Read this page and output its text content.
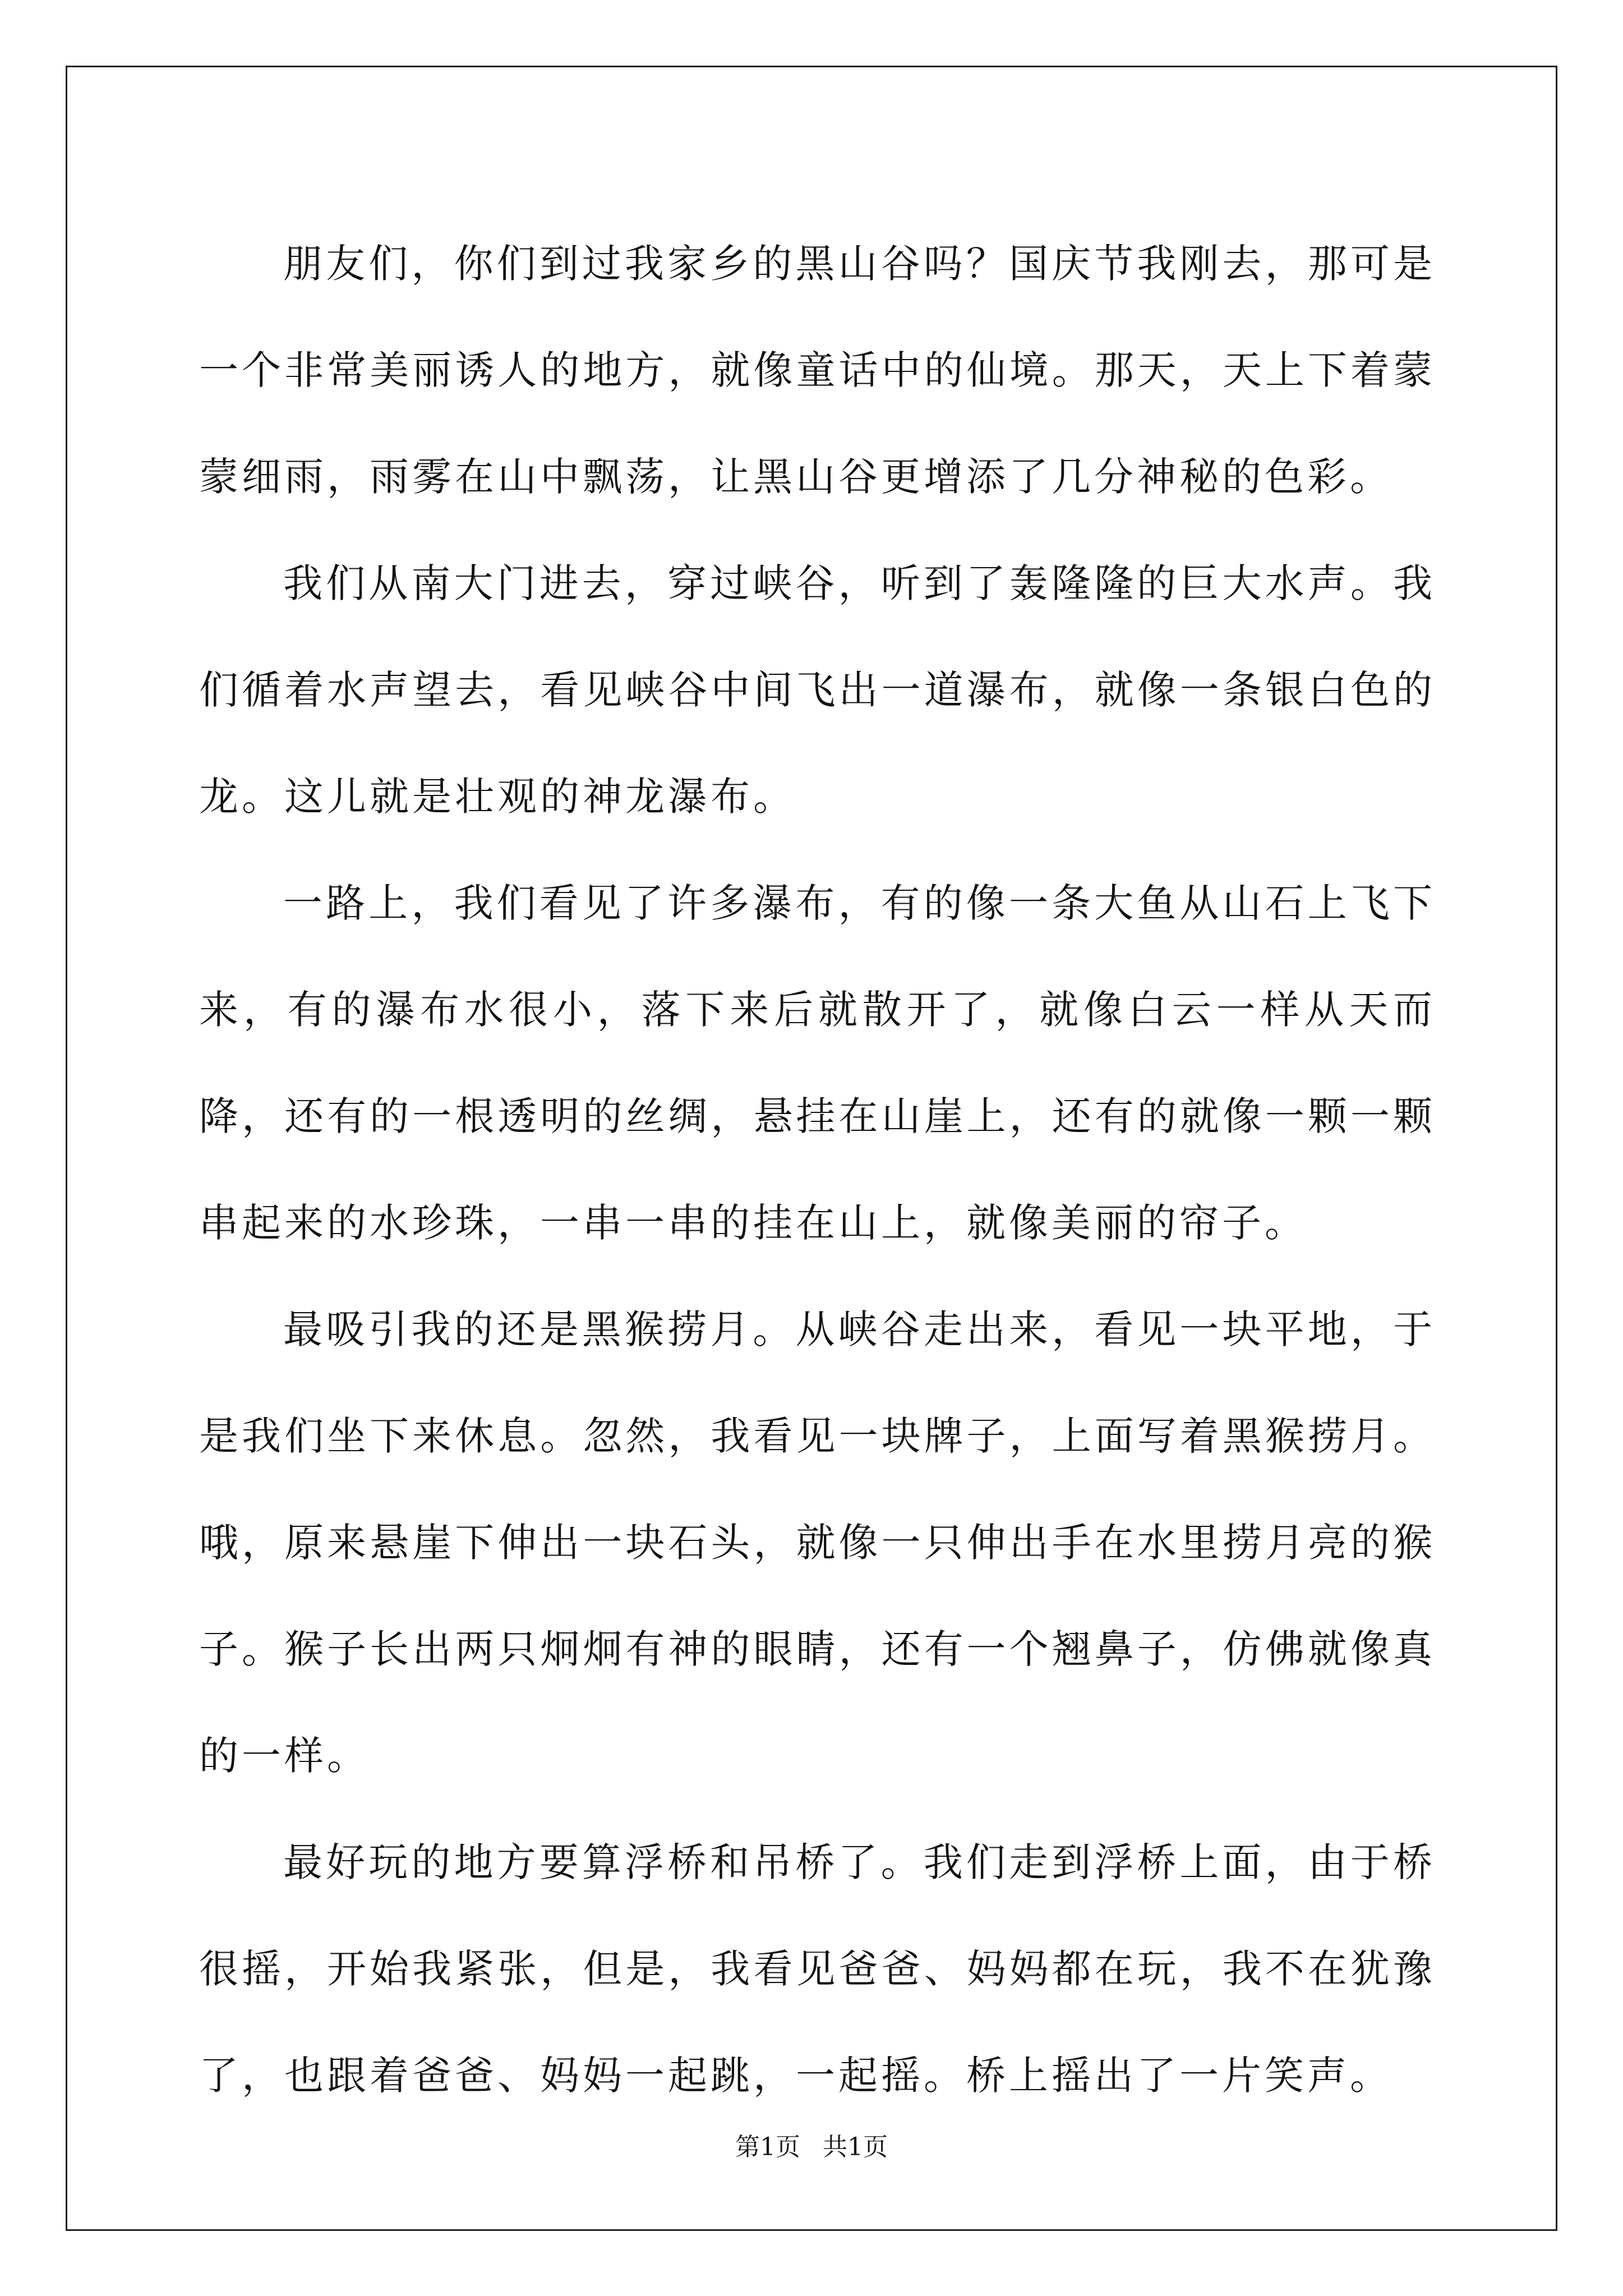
朋友们，你们到过我家乡的黑山谷吗？国庆节我刚去，那可是一个非常美丽诱人的地方，就像童话中的仙境。那天，天上下着蒙蒙细雨，雨雾在山中飘荡，让黑山谷更增添了几分神秘的色彩。

我们从南大门进去，穿过峡谷，听到了轰隆隆的巨大水声。我们循着水声望去，看见峡谷中间飞出一道瀑布，就像一条银白色的龙。这儿就是壮观的神龙瀑布。

一路上，我们看见了许多瀑布，有的像一条大鱼从山石上飞下来，有的瀑布水很小，落下来后就散开了，就像白云一样从天而降，还有的一根透明的丝绸，悬挂在山崖上，还有的就像一颗一颗串起来的水珍珠，一串一串的挂在山上，就像美丽的帘子。

最吸引我的还是黑猴捞月。从峡谷走出来，看见一块平地，于是我们坐下来休息。忽然，我看见一块牌子，上面写着黑猴捞月。哦，原来悬崖下伸出一块石头，就像一只伸出手在水里捞月亮的猴子。猴子长出两只炯炯有神的眼睛，还有一个翘鼻子，仿佛就像真的一样。

最好玩的地方要算浮桥和吊桥了。我们走到浮桥上面，由于桥很摇，开始我紧张，但是，我看见爸爸、妈妈都在玩，我不在犹豫了，也跟着爸爸、妈妈一起跳，一起摇。桥上摇出了一片笑声。

第1页 共1页
